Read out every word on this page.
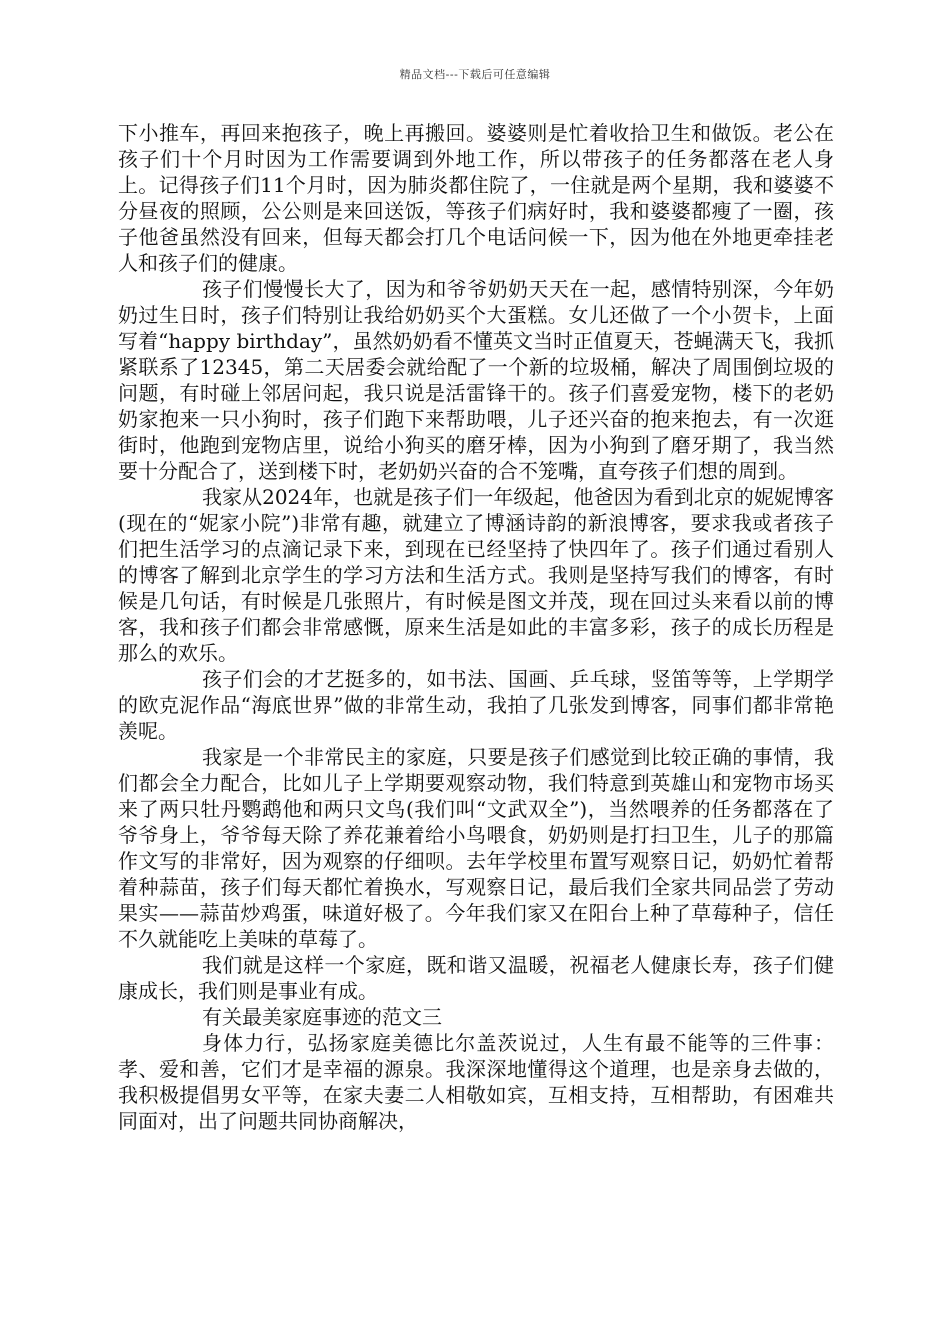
精品文档---下载后可任意编辑

下小推车，再回来抱孩子，晚上再搬回。婆婆则是忙着收拾卫生和做饭。老公在孩子们十个月时因为工作需要调到外地工作，所以带孩子的任务都落在老人身上。记得孩子们11个月时，因为肺炎都住院了，一住就是两个星期，我和婆婆不分昼夜的照顾，公公则是来回送饭，等孩子们病好时，我和婆婆都瘦了一圈，孩子他爸虽然没有回来，但每天都会打几个电话问候一下，因为他在外地更牵挂老人和孩子们的健康。

孩子们慢慢长大了，因为和爷爷奶奶天天在一起，感情特别深，今年奶奶过生日时，孩子们特别让我给奶奶买个大蛋糕。女儿还做了一个小贺卡，上面写着“happy birthday”，虽然奶奶看不懂英文当时正值夏天，苍蝇满天飞，我抓紧联系了12345，第二天居委会就给配了一个新的垃圾桶，解决了周围倒垃圾的问题，有时碰上邻居问起，我只说是活雷锋干的。孩子们喜爱宠物，楼下的老奶奶家抱来一只小狗时，孩子们跑下来帮助喂，儿子还兴奋的抱来抱去，有一次逛街时，他跑到宠物店里，说给小狗买的磨牙棒，因为小狗到了磨牙期了，我当然要十分配合了，送到楼下时，老奶奶兴奋的合不笼嘴，直夸孩子们想的周到。

我家从2024年，也就是孩子们一年级起，他爸因为看到北京的妮妮博客(现在的“妮家小院”)非常有趣，就建立了博涵诗韵的新浪博客，要求我或者孩子们把生活学习的点滴记录下来，到现在已经坚持了快四年了。孩子们通过看别人的博客了解到北京学生的学习方法和生活方式。我则是坚持写我们的博客，有时候是几句话，有时候是几张照片，有时候是图文并茂，现在回过头来看以前的博客，我和孩子们都会非常感慨，原来生活是如此的丰富多彩，孩子的成长历程是那么的欢乐。

孩子们会的才艺挺多的，如书法、国画、乒乓球，竖笛等等，上学期学的欧克泥作品“海底世界”做的非常生动，我拍了几张发到博客，同事们都非常艳羡呢。

我家是一个非常民主的家庭，只要是孩子们感觉到比较正确的事情，我们都会全力配合，比如儿子上学期要观察动物，我们特意到英雄山和宠物市场买来了两只牡丹鹦鹉他和两只文鸟(我们叫“文武双全”)，当然喂养的任务都落在了爷爷身上，爷爷每天除了养花兼着给小鸟喂食，奶奶则是打扫卫生，儿子的那篇作文写的非常好，因为观察的仔细呗。去年学校里布置写观察日记，奶奶忙着帮着种蒜苗，孩子们每天都忙着换水，写观察日记，最后我们全家共同品尝了劳动果实——蒜苗炒鸡蛋，味道好极了。今年我们家又在阳台上种了草莓种子，信任不久就能吃上美味的草莓了。

我们就是这样一个家庭，既和谐又温暖，祝福老人健康长寿，孩子们健康成长，我们则是事业有成。

有关最美家庭事迹的范文三

身体力行，弘扬家庭美德比尔盖茨说过，人生有最不能等的三件事：孝、爱和善，它们才是幸福的源泉。我深深地懂得这个道理，也是亲身去做的，我积极提倡男女平等，在家夫妻二人相敬如宾，互相支持，互相帮助，有困难共同面对，出了问题共同协商解决，
